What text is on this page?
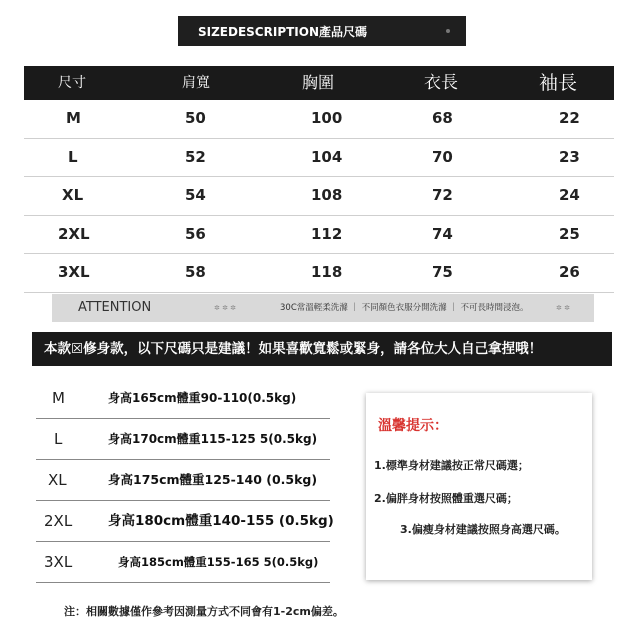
SIZEDESCRIPTION產品尺碼
尺寸	肩寬	胸圍	衣長	袖長
M	50	100	68	22
L	52	104	70	23
XL	54	108	72	24
2XL	56	112	74	25
3XL	58	118	75	26
ATTENTION	✲ ✲ ✲	30C常溫輕柔洗滌 ｜ 不同顏色衣服分開洗滌 ｜ 不可長時間浸泡。	✲ ✲
本款☒修身款，以下尺碼只是建議！如果喜歡寬鬆或緊身，請各位大人自己拿捏哦！
M	身高165cm體重90-110(0.5kg)
L	身高170cm體重115-125 5(0.5kg)
XL	身高175cm體重125-140 (0.5kg)
2XL	身高180cm體重140-155 (0.5kg)
3XL	身高185cm體重155-165 5(0.5kg)
溫馨提示：
1.標準身材建議按正常尺碼選；
2.偏胖身材按照體重選尺碼；
3.偏瘦身材建議按照身高選尺碼。
注：相關數據僅作參考因測量方式不同會有1-2cm偏差。
